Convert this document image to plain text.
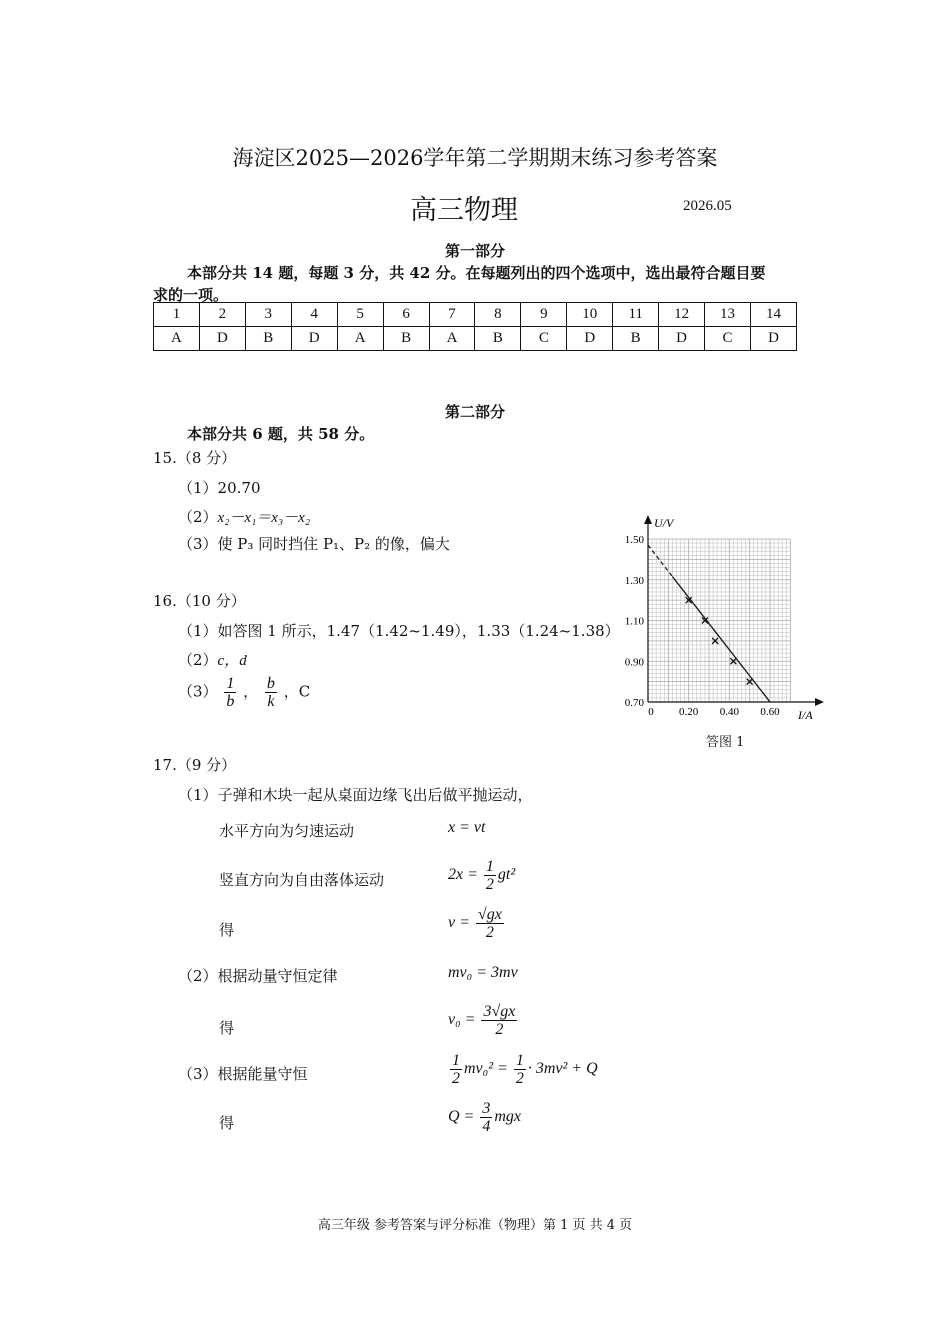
海淀区2025—2026学年第二学期期末练习参考答案
高三物理	2026.05
第一部分
本部分共 14 题，每题 3 分，共 42 分。在每题列出的四个选项中，选出最符合题目要
求的一项。
1	2	3	4	5	6	7	8	9	10	11	12	13	14
A	D	B	D	A	B	A	B	C	D	B	D	C	D
第二部分
本部分共 6 题，共 58 分。
15.（8 分）
（1）20.70
（2）x₂－x₁＝x₃－x₂
（3）使 P₃ 同时挡住 P₁、P₂ 的像，偏大
16.（10 分）
（1）如答图 1 所示，1.47（1.42~1.49），1.33（1.24~1.38）
（2）c，d
$(3) \frac{1}{b}$ ， $\frac{b}{k}$ ，C
U/V
I/A
0.70
0.90
1.10
1.30
1.50
0 0.20 0.40 0.60
答图 1
17.（9 分）
（1）子弹和木块一起从桌面边缘飞出后做平抛运动，
水平方向为匀速运动	x = vt
竖直方向为自由落体运动	$2x = \frac{1}{2} gt^2$
得	$v = \frac{√gx}{2}$
（2）根据动量守恒定律	mv₀ = 3mv
得	$v_0 = \frac{3√gx}{2}$
（3）根据能量守恒	$\frac{1}{2} mv_0^2 = \frac{1}{2} \cdot 3mv^2 + Q$
得	$Q = \frac{3}{4}$ mgx
高三年级 参考答案与评分标准（物理）第 1 页 共 4 页
